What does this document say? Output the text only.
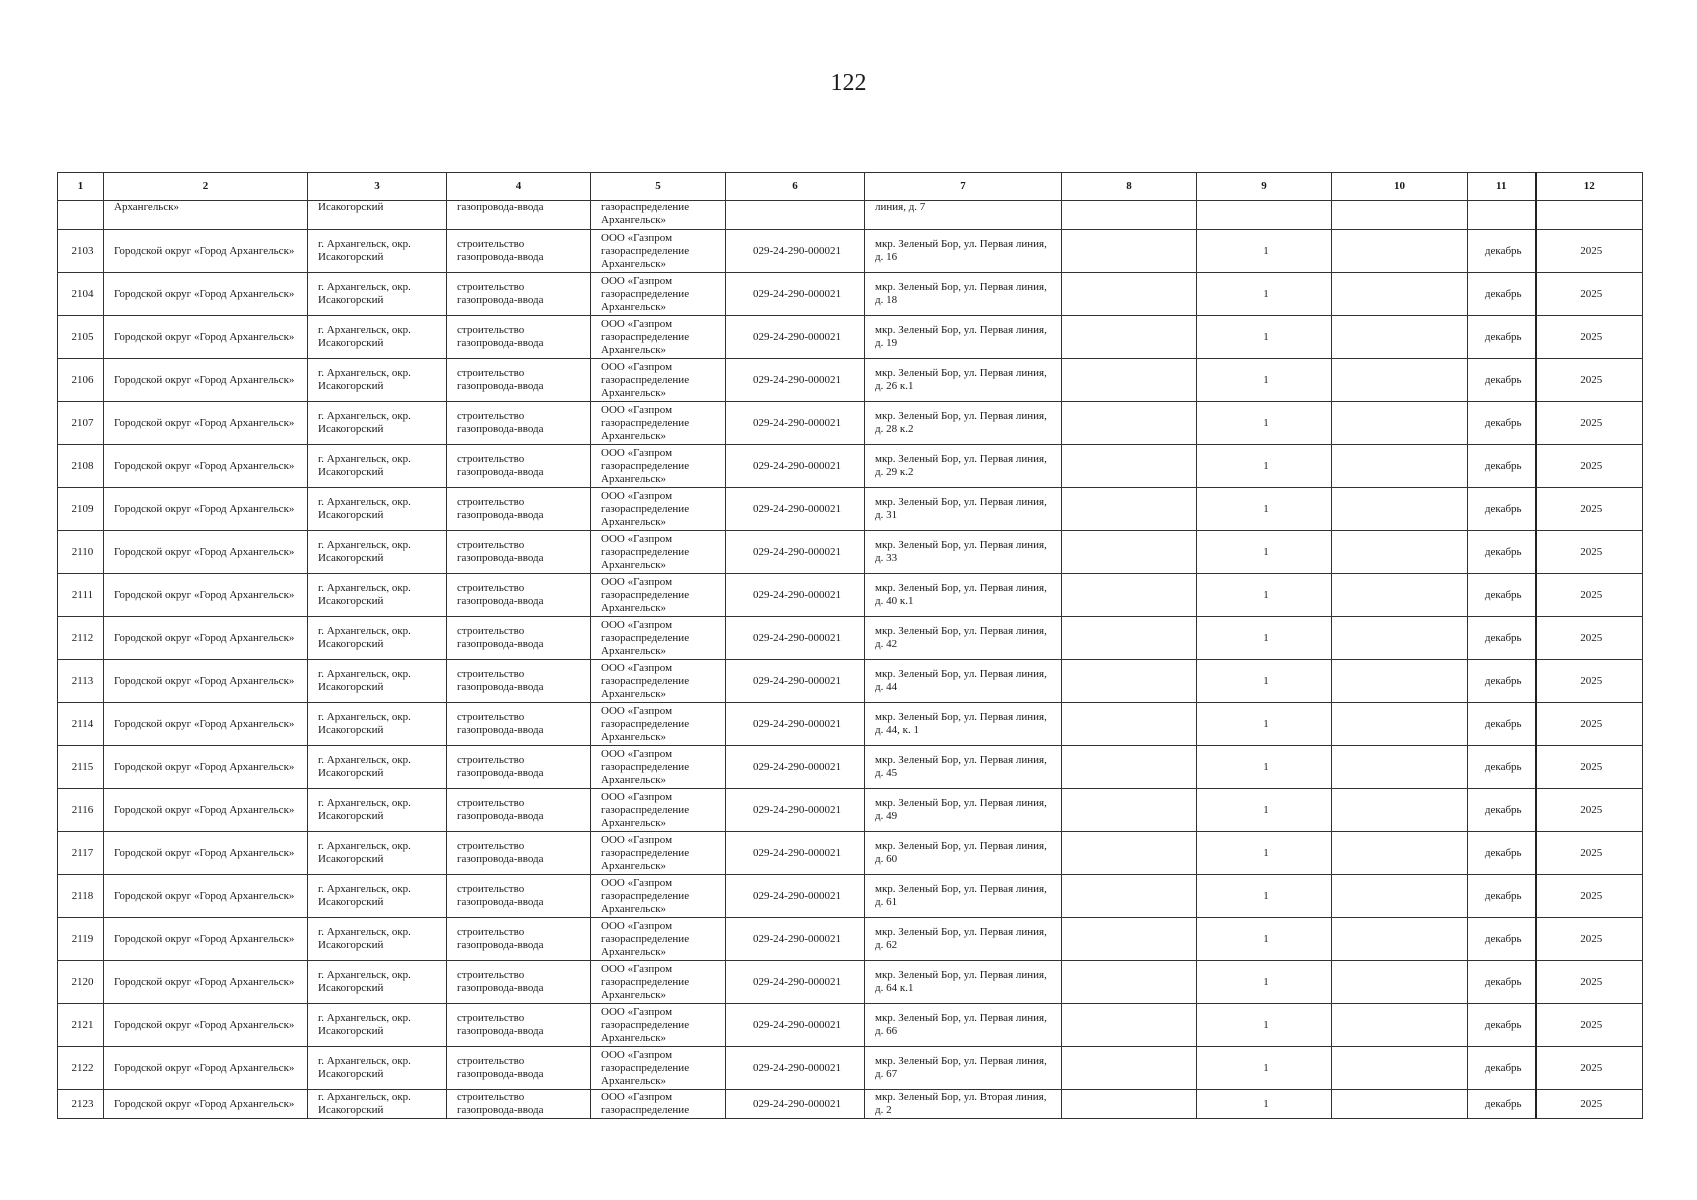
122
1	2	3	4	5	6	7	8	9	10	11	12
	Архангельск»	Исакогорский	газопровода-ввода	газораспределение Архангельск»		линия, д. 7					
2103	Городской округ «Город Архангельск»	г. Архангельск, окр. Исакогорский	строительство газопровода-ввода	ООО «Газпром газораспределение Архангельск»	029-24-290-000021	мкр. Зеленый Бор, ул. Первая линия, д. 16		1		декабрь	2025
2104	Городской округ «Город Архангельск»	г. Архангельск, окр. Исакогорский	строительство газопровода-ввода	ООО «Газпром газораспределение Архангельск»	029-24-290-000021	мкр. Зеленый Бор, ул. Первая линия, д. 18		1		декабрь	2025
2105	Городской округ «Город Архангельск»	г. Архангельск, окр. Исакогорский	строительство газопровода-ввода	ООО «Газпром газораспределение Архангельск»	029-24-290-000021	мкр. Зеленый Бор, ул. Первая линия, д. 19		1		декабрь	2025
2106	Городской округ «Город Архангельск»	г. Архангельск, окр. Исакогорский	строительство газопровода-ввода	ООО «Газпром газораспределение Архангельск»	029-24-290-000021	мкр. Зеленый Бор, ул. Первая линия, д. 26 к.1		1		декабрь	2025
2107	Городской округ «Город Архангельск»	г. Архангельск, окр. Исакогорский	строительство газопровода-ввода	ООО «Газпром газораспределение Архангельск»	029-24-290-000021	мкр. Зеленый Бор, ул. Первая линия, д. 28 к.2		1		декабрь	2025
2108	Городской округ «Город Архангельск»	г. Архангельск, окр. Исакогорский	строительство газопровода-ввода	ООО «Газпром газораспределение Архангельск»	029-24-290-000021	мкр. Зеленый Бор, ул. Первая линия, д. 29 к.2		1		декабрь	2025
2109	Городской округ «Город Архангельск»	г. Архангельск, окр. Исакогорский	строительство газопровода-ввода	ООО «Газпром газораспределение Архангельск»	029-24-290-000021	мкр. Зеленый Бор, ул. Первая линия, д. 31		1		декабрь	2025
2110	Городской округ «Город Архангельск»	г. Архангельск, окр. Исакогорский	строительство газопровода-ввода	ООО «Газпром газораспределение Архангельск»	029-24-290-000021	мкр. Зеленый Бор, ул. Первая линия, д. 33		1		декабрь	2025
2111	Городской округ «Город Архангельск»	г. Архангельск, окр. Исакогорский	строительство газопровода-ввода	ООО «Газпром газораспределение Архангельск»	029-24-290-000021	мкр. Зеленый Бор, ул. Первая линия, д. 40 к.1		1		декабрь	2025
2112	Городской округ «Город Архангельск»	г. Архангельск, окр. Исакогорский	строительство газопровода-ввода	ООО «Газпром газораспределение Архангельск»	029-24-290-000021	мкр. Зеленый Бор, ул. Первая линия, д. 42		1		декабрь	2025
2113	Городской округ «Город Архангельск»	г. Архангельск, окр. Исакогорский	строительство газопровода-ввода	ООО «Газпром газораспределение Архангельск»	029-24-290-000021	мкр. Зеленый Бор, ул. Первая линия, д. 44		1		декабрь	2025
2114	Городской округ «Город Архангельск»	г. Архангельск, окр. Исакогорский	строительство газопровода-ввода	ООО «Газпром газораспределение Архангельск»	029-24-290-000021	мкр. Зеленый Бор, ул. Первая линия, д. 44, к. 1		1		декабрь	2025
2115	Городской округ «Город Архангельск»	г. Архангельск, окр. Исакогорский	строительство газопровода-ввода	ООО «Газпром газораспределение Архангельск»	029-24-290-000021	мкр. Зеленый Бор, ул. Первая линия, д. 45		1		декабрь	2025
2116	Городской округ «Город Архангельск»	г. Архангельск, окр. Исакогорский	строительство газопровода-ввода	ООО «Газпром газораспределение Архангельск»	029-24-290-000021	мкр. Зеленый Бор, ул. Первая линия, д. 49		1		декабрь	2025
2117	Городской округ «Город Архангельск»	г. Архангельск, окр. Исакогорский	строительство газопровода-ввода	ООО «Газпром газораспределение Архангельск»	029-24-290-000021	мкр. Зеленый Бор, ул. Первая линия, д. 60		1		декабрь	2025
2118	Городской округ «Город Архангельск»	г. Архангельск, окр. Исакогорский	строительство газопровода-ввода	ООО «Газпром газораспределение Архангельск»	029-24-290-000021	мкр. Зеленый Бор, ул. Первая линия, д. 61		1		декабрь	2025
2119	Городской округ «Город Архангельск»	г. Архангельск, окр. Исакогорский	строительство газопровода-ввода	ООО «Газпром газораспределение Архангельск»	029-24-290-000021	мкр. Зеленый Бор, ул. Первая линия, д. 62		1		декабрь	2025
2120	Городской округ «Город Архангельск»	г. Архангельск, окр. Исакогорский	строительство газопровода-ввода	ООО «Газпром газораспределение Архангельск»	029-24-290-000021	мкр. Зеленый Бор, ул. Первая линия, д. 64 к.1		1		декабрь	2025
2121	Городской округ «Город Архангельск»	г. Архангельск, окр. Исакогорский	строительство газопровода-ввода	ООО «Газпром газораспределение Архангельск»	029-24-290-000021	мкр. Зеленый Бор, ул. Первая линия, д. 66		1		декабрь	2025
2122	Городской округ «Город Архангельск»	г. Архангельск, окр. Исакогорский	строительство газопровода-ввода	ООО «Газпром газораспределение Архангельск»	029-24-290-000021	мкр. Зеленый Бор, ул. Первая линия, д. 67		1		декабрь	2025
2123	Городской округ «Город Архангельск»	г. Архангельск, окр. Исакогорский	строительство газопровода-ввода	ООО «Газпром газораспределение	029-24-290-000021	мкр. Зеленый Бор, ул. Вторая линия, д. 2		1		декабрь	2025
